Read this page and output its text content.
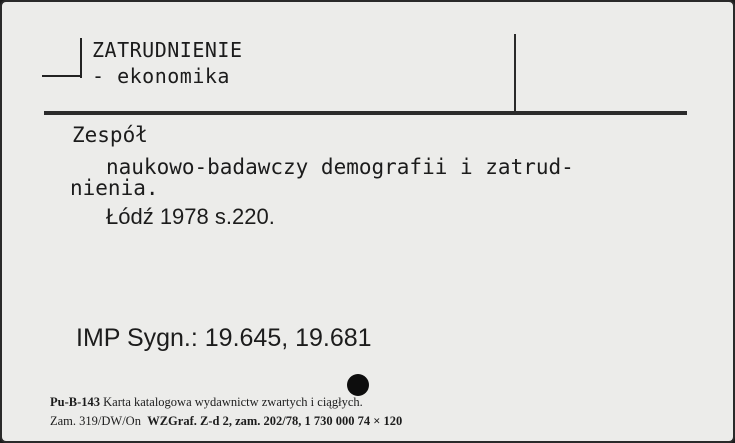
ZATRUDNIENIE
- ekonomika
Zespół
naukowo-badawczy demografii i zatrud-
nienia.
Łódź 1978 s.220.
IMP Sygn.: 19.645, 19.681
Pu-B-143 Karta katalogowa wydawnictw zwartych i ciągłych.
Zam. 319/DW/On WZGraf. Z-d 2, zam. 202/78, 1 730 000 74 × 120
